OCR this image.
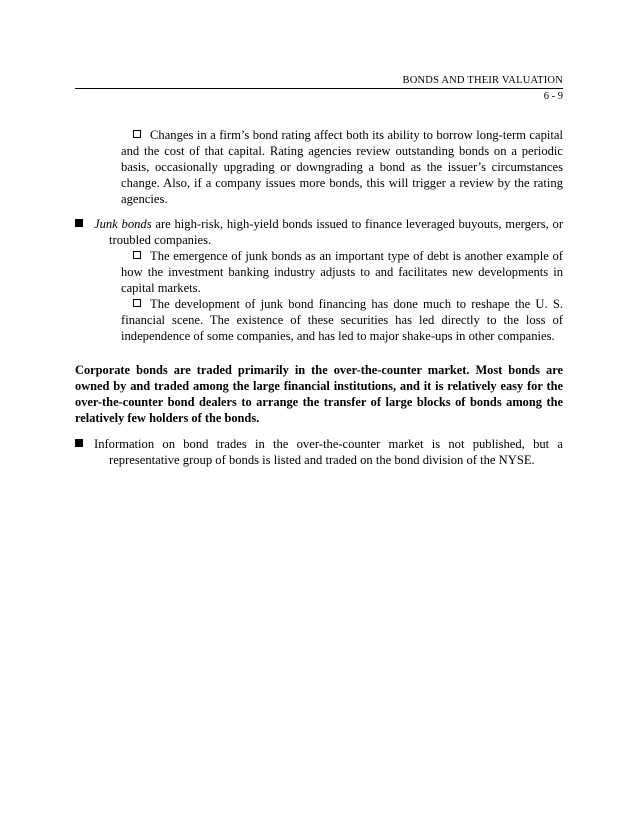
BONDS AND THEIR VALUATION
6 - 9
Changes in a firm’s bond rating affect both its ability to borrow long-term capital and the cost of that capital. Rating agencies review outstanding bonds on a periodic basis, occasionally upgrading or downgrading a bond as the issuer’s circumstances change. Also, if a company issues more bonds, this will trigger a review by the rating agencies.
Junk bonds are high-risk, high-yield bonds issued to finance leveraged buyouts, mergers, or troubled companies.
The emergence of junk bonds as an important type of debt is another example of how the investment banking industry adjusts to and facilitates new developments in capital markets.
The development of junk bond financing has done much to reshape the U. S. financial scene. The existence of these securities has led directly to the loss of independence of some companies, and has led to major shake-ups in other companies.
Corporate bonds are traded primarily in the over-the-counter market. Most bonds are owned by and traded among the large financial institutions, and it is relatively easy for the over-the-counter bond dealers to arrange the transfer of large blocks of bonds among the relatively few holders of the bonds.
Information on bond trades in the over-the-counter market is not published, but a representative group of bonds is listed and traded on the bond division of the NYSE.
